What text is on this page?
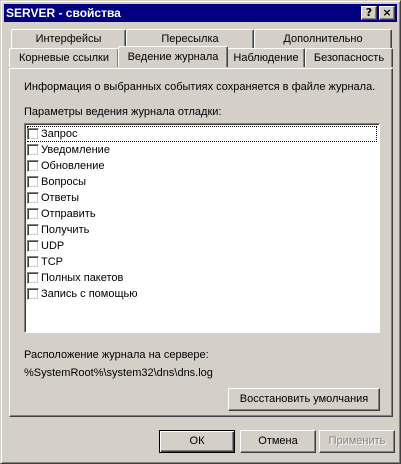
SERVER - свойства	? ×
Интерфейсы	Пересылка	Дополнительно
Корневые ссылки	Ведение журнала	Наблюдение	Безопасность
Информация о выбранных событиях сохраняется в файле журнала.
Параметры ведения журнала отладки:
Запрос
Уведомление
Обновление
Вопросы
Ответы
Отправить
Получить
UDP
TCP
Полных пакетов
Запись с помощью
Расположение журнала на сервере:
%SystemRoot%\system32\dns\dns.log
Восстановить умолчания
ОК	Отмена	Применить
